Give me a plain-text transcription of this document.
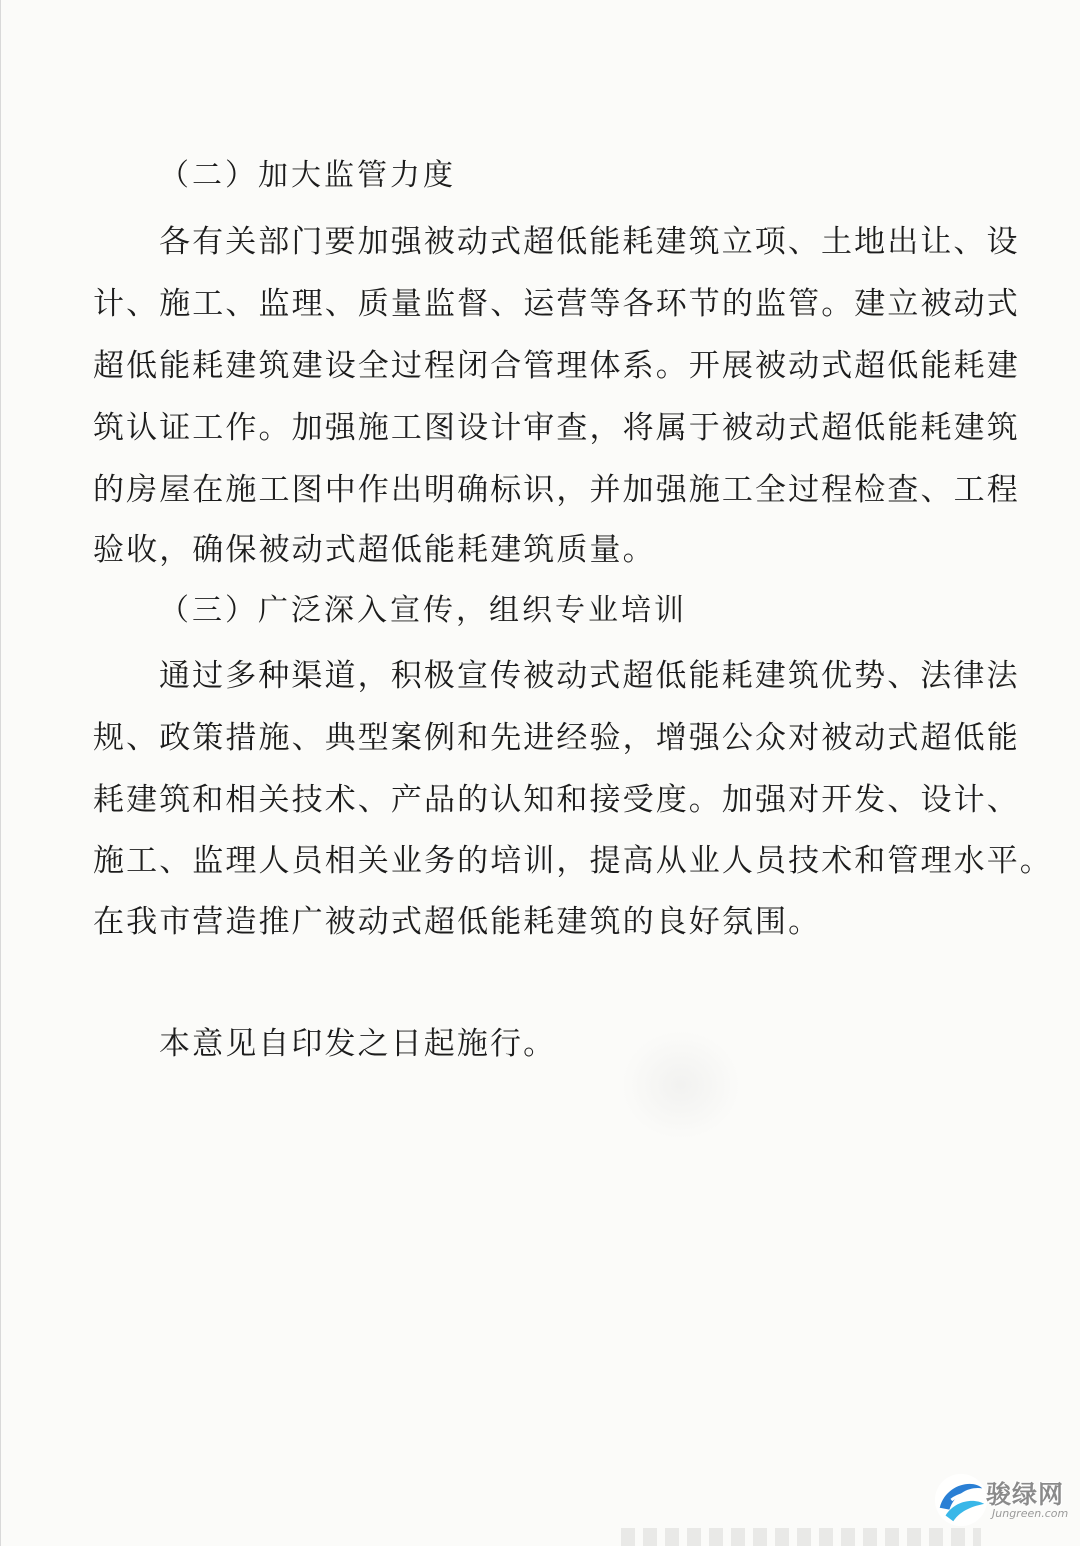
（二）加大监管力度

各有关部门要加强被动式超低能耗建筑立项、土地出让、设

计、施工、监理、质量监督、运营等各环节的监管。建立被动式

超低能耗建筑建设全过程闭合管理体系。开展被动式超低能耗建

筑认证工作。加强施工图设计审查，将属于被动式超低能耗建筑

的房屋在施工图中作出明确标识，并加强施工全过程检查、工程

验收，确保被动式超低能耗建筑质量。

（三）广泛深入宣传，组织专业培训

通过多种渠道，积极宣传被动式超低能耗建筑优势、法律法

规、政策措施、典型案例和先进经验，增强公众对被动式超低能

耗建筑和相关技术、产品的认知和接受度。加强对开发、设计、

施工、监理人员相关业务的培训，提高从业人员技术和管理水平。

在我市营造推广被动式超低能耗建筑的良好氛围。

本意见自印发之日起施行。

骏绿网
Jungreen.com
